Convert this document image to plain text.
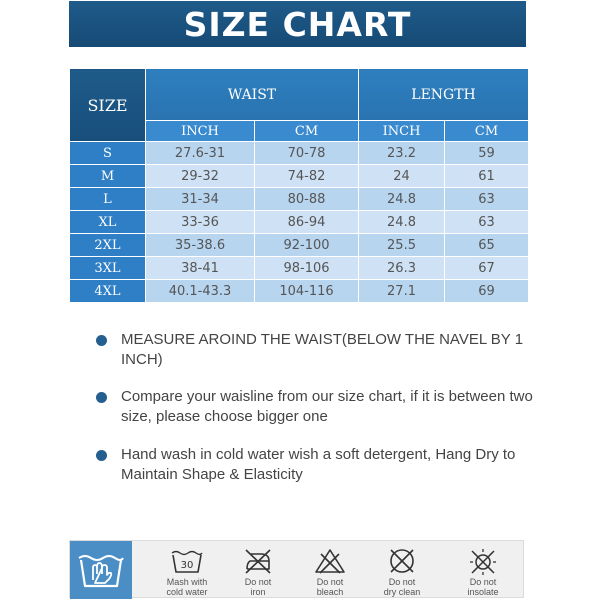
SIZE CHART
SIZE	WAIST		LENGTH	
	INCH	CM	INCH	CM
S	27.6-31	70-78	23.2	59
M	29-32	74-82	24	61
L	31-34	80-88	24.8	63
XL	33-36	86-94	24.8	63
2XL	35-38.6	92-100	25.5	65
3XL	38-41	98-106	26.3	67
4XL	40.1-43.3	104-116	27.1	69
MEASURE AROIND THE WAIST(BELOW THE NAVEL BY 1 INCH)
Compare your waisline from our size chart, if it is between two size, please choose bigger one
Hand wash in cold water wish a soft detergent, Hang Dry to Maintain Shape & Elasticity
30
Mash with
cold water
Do not
iron
Do not
bleach
Do not
dry clean
Do not
insolate
